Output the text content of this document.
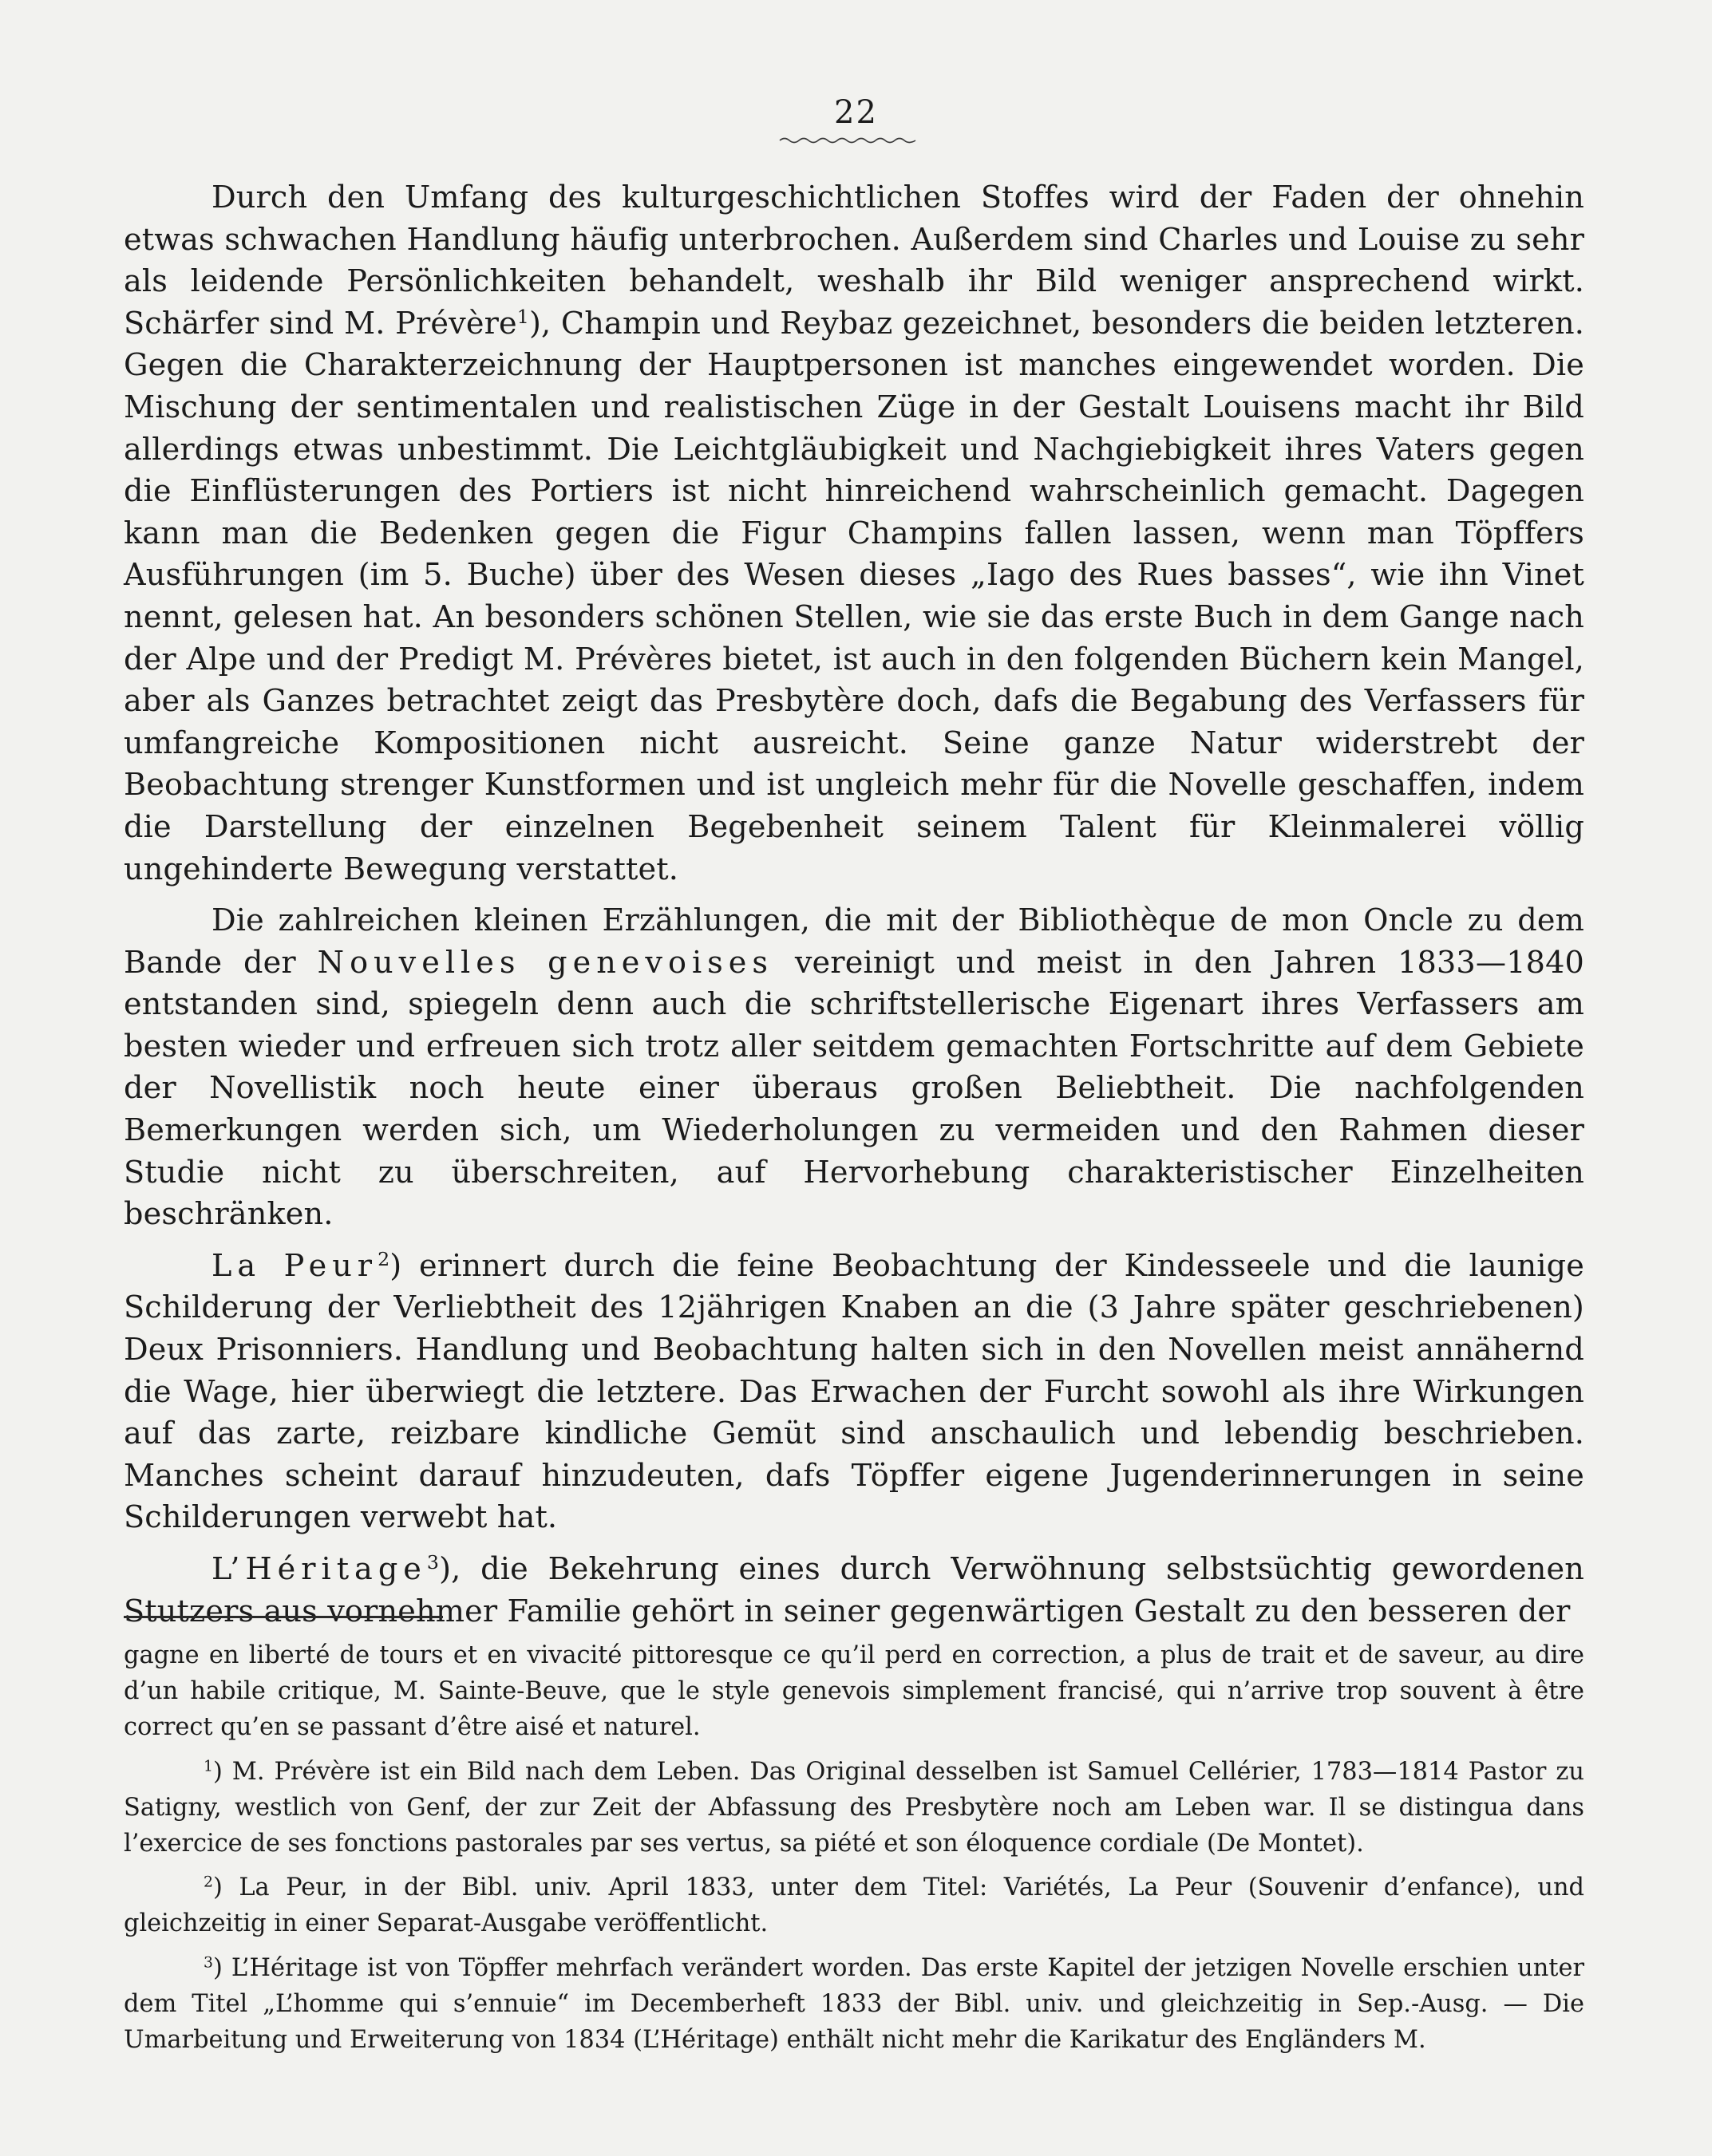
22

Durch den Umfang des kulturgeschichtlichen Stoffes wird der Faden der ohnehin etwas schwachen Handlung häufig unterbrochen. Außerdem sind Charles und Louise zu sehr als leidende Persönlichkeiten behandelt, weshalb ihr Bild weniger ansprechend wirkt. Schärfer sind M. Prévère$^1$), Champin und Reybaz gezeichnet, besonders die beiden letzteren. Gegen die Charakterzeichnung der Hauptpersonen ist manches eingewendet worden. Die Mischung der sentimentalen und realistischen Züge in der Gestalt Louisens macht ihr Bild allerdings etwas unbestimmt. Die Leichtgläubigkeit und Nachgiebigkeit ihres Vaters gegen die Einflüsterungen des Portiers ist nicht hinreichend wahrscheinlich gemacht. Dagegen kann man die Bedenken gegen die Figur Champins fallen lassen, wenn man Töpffers Ausführungen (im 5. Buche) über des Wesen dieses „Iago des Rues basses“, wie ihn Vinet nennt, gelesen hat. An besonders schönen Stellen, wie sie das erste Buch in dem Gange nach der Alpe und der Predigt M. Prévères bietet, ist auch in den folgenden Büchern kein Mangel, aber als Ganzes betrachtet zeigt das Presbytère doch, dafs die Begabung des Verfassers für umfangreiche Kompositionen nicht ausreicht. Seine ganze Natur widerstrebt der Beobachtung strenger Kunstformen und ist ungleich mehr für die Novelle geschaffen, indem die Darstellung der einzelnen Begebenheit seinem Talent für Kleinmalerei völlig ungehinderte Bewegung verstattet.

Die zahlreichen kleinen Erzählungen, die mit der Bibliothèque de mon Oncle zu dem Bande der Nouvelles genevoises vereinigt und meist in den Jahren 1833—1840 entstanden sind, spiegeln denn auch die schriftstellerische Eigenart ihres Verfassers am besten wieder und erfreuen sich trotz aller seitdem gemachten Fortschritte auf dem Gebiete der Novellistik noch heute einer überaus großen Beliebtheit. Die nachfolgenden Bemerkungen werden sich, um Wiederholungen zu vermeiden und den Rahmen dieser Studie nicht zu überschreiten, auf Hervorhebung charakteristischer Einzelheiten beschränken.

La Peur$^2$) erinnert durch die feine Beobachtung der Kindesseele und die launige Schilderung der Verliebtheit des 12jährigen Knaben an die (3 Jahre später geschriebenen) Deux Prisonniers. Handlung und Beobachtung halten sich in den Novellen meist annähernd die Wage, hier überwiegt die letztere. Das Erwachen der Furcht sowohl als ihre Wirkungen auf das zarte, reizbare kindliche Gemüt sind anschaulich und lebendig beschrieben. Manches scheint darauf hinzudeuten, dafs Töpffer eigene Jugenderinnerungen in seine Schilderungen verwebt hat.

L’Héritage$^3$), die Bekehrung eines durch Verwöhnung selbstsüchtig gewordenen Stutzers aus vornehmer Familie gehört in seiner gegenwärtigen Gestalt zu den besseren der

gagne en liberté de tours et en vivacité pittoresque ce qu’il perd en correction, a plus de trait et de saveur, au dire d’un habile critique, M. Sainte-Beuve, que le style genevois simplement francisé, qui n’arrive trop souvent à être correct qu’en se passant d’être aisé et naturel.

$^1$) M. Prévère ist ein Bild nach dem Leben. Das Original desselben ist Samuel Cellérier, 1783—1814 Pastor zu Satigny, westlich von Genf, der zur Zeit der Abfassung des Presbytère noch am Leben war. Il se distingua dans l’exercice de ses fonctions pastorales par ses vertus, sa piété et son éloquence cordiale (De Montet).

$^2$) La Peur, in der Bibl. univ. April 1833, unter dem Titel: Variétés, La Peur (Souvenir d’enfance), und gleichzeitig in einer Separat-Ausgabe veröffentlicht.

$^3$) L’Héritage ist von Töpffer mehrfach verändert worden. Das erste Kapitel der jetzigen Novelle erschien unter dem Titel „L’homme qui s’ennuie“ im Decemberheft 1833 der Bibl. univ. und gleichzeitig in Sep.-Ausg. — Die Umarbeitung und Erweiterung von 1834 (L’Héritage) enthält nicht mehr die Karikatur des Engländers M.
